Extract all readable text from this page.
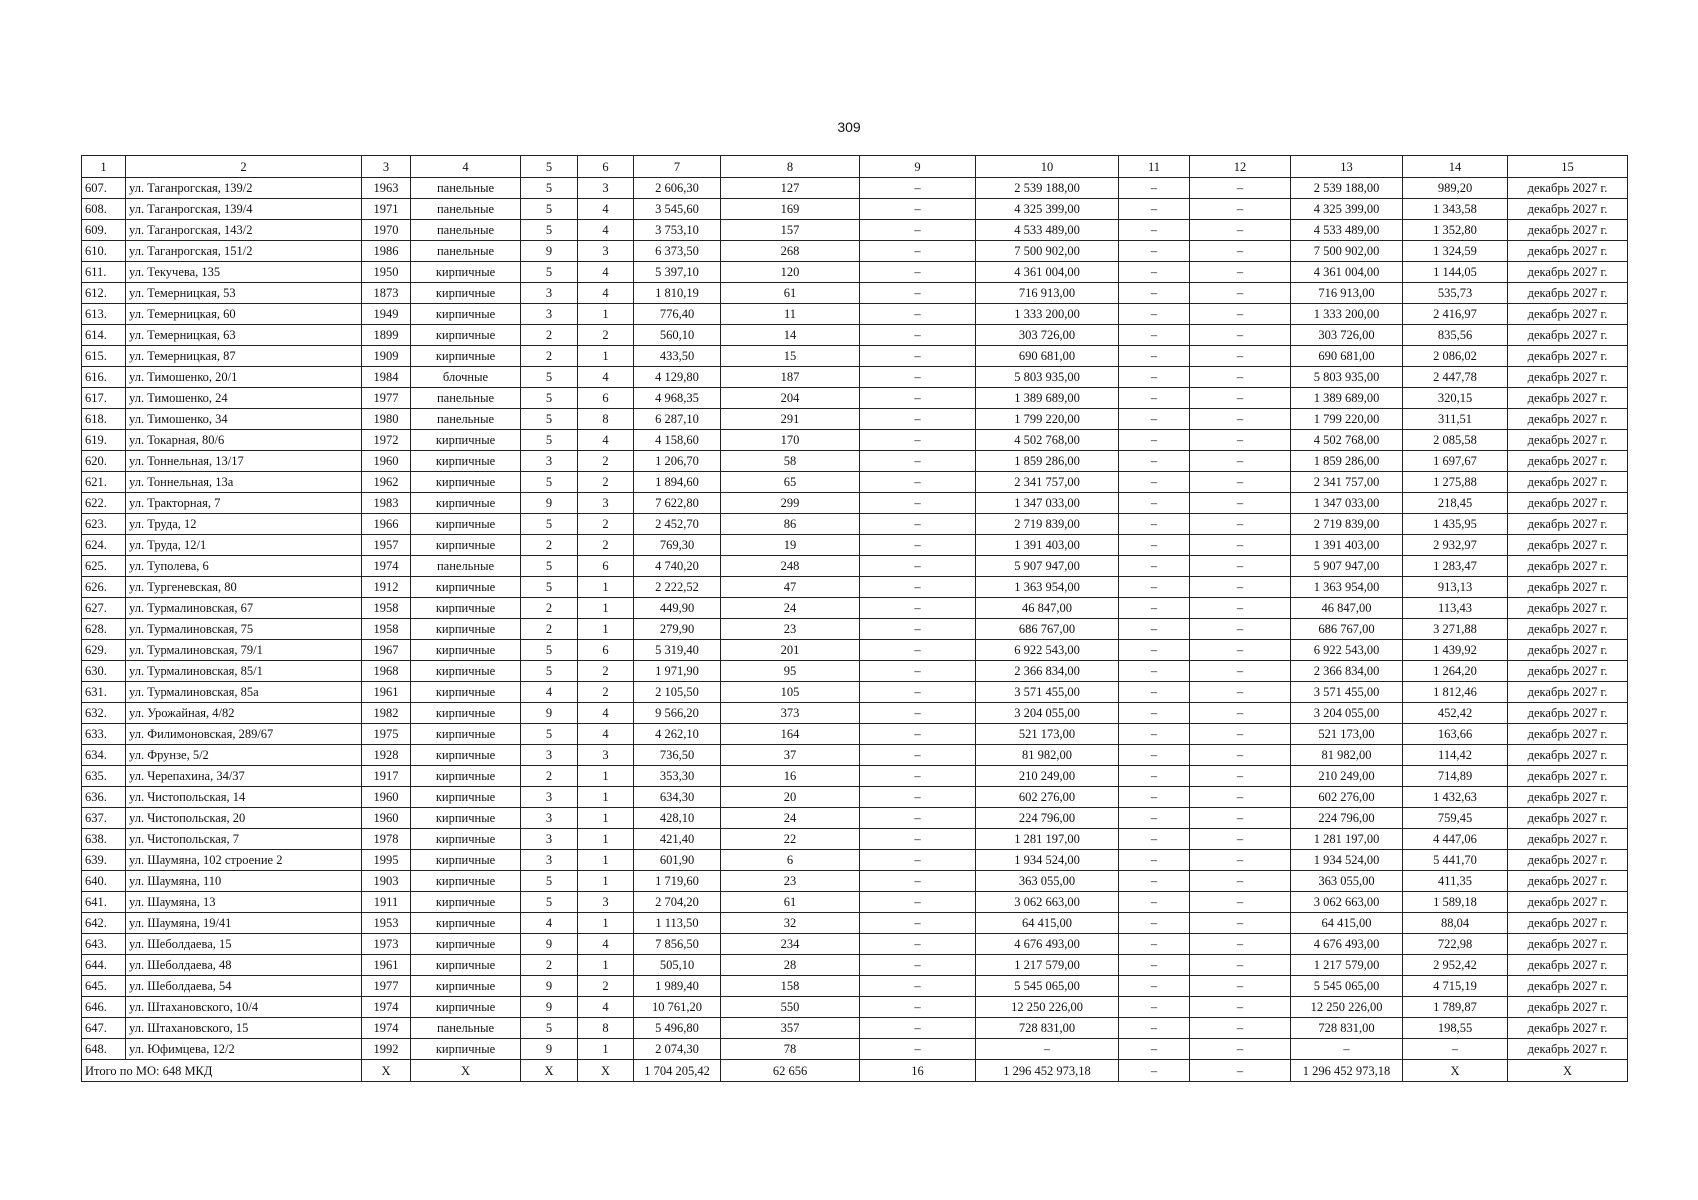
309
1	2	3	4	5	6	7	8	9	10	11	12	13	14	15
607.	ул. Таганрогская, 139/2	1963	панельные	5	3	2 606,30	127	–	2 539 188,00	–	–	2 539 188,00	989,20	декабрь 2027 г.
608.	ул. Таганрогская, 139/4	1971	панельные	5	4	3 545,60	169	–	4 325 399,00	–	–	4 325 399,00	1 343,58	декабрь 2027 г.
609.	ул. Таганрогская, 143/2	1970	панельные	5	4	3 753,10	157	–	4 533 489,00	–	–	4 533 489,00	1 352,80	декабрь 2027 г.
610.	ул. Таганрогская, 151/2	1986	панельные	9	3	6 373,50	268	–	7 500 902,00	–	–	7 500 902,00	1 324,59	декабрь 2027 г.
611.	ул. Текучева, 135	1950	кирпичные	5	4	5 397,10	120	–	4 361 004,00	–	–	4 361 004,00	1 144,05	декабрь 2027 г.
612.	ул. Темерницкая, 53	1873	кирпичные	3	4	1 810,19	61	–	716 913,00	–	–	716 913,00	535,73	декабрь 2027 г.
613.	ул. Темерницкая, 60	1949	кирпичные	3	1	776,40	11	–	1 333 200,00	–	–	1 333 200,00	2 416,97	декабрь 2027 г.
614.	ул. Темерницкая, 63	1899	кирпичные	2	2	560,10	14	–	303 726,00	–	–	303 726,00	835,56	декабрь 2027 г.
615.	ул. Темерницкая, 87	1909	кирпичные	2	1	433,50	15	–	690 681,00	–	–	690 681,00	2 086,02	декабрь 2027 г.
616.	ул. Тимошенко, 20/1	1984	блочные	5	4	4 129,80	187	–	5 803 935,00	–	–	5 803 935,00	2 447,78	декабрь 2027 г.
617.	ул. Тимошенко, 24	1977	панельные	5	6	4 968,35	204	–	1 389 689,00	–	–	1 389 689,00	320,15	декабрь 2027 г.
618.	ул. Тимошенко, 34	1980	панельные	5	8	6 287,10	291	–	1 799 220,00	–	–	1 799 220,00	311,51	декабрь 2027 г.
619.	ул. Токарная, 80/6	1972	кирпичные	5	4	4 158,60	170	–	4 502 768,00	–	–	4 502 768,00	2 085,58	декабрь 2027 г.
620.	ул. Тоннельная, 13/17	1960	кирпичные	3	2	1 206,70	58	–	1 859 286,00	–	–	1 859 286,00	1 697,67	декабрь 2027 г.
621.	ул. Тоннельная, 13а	1962	кирпичные	5	2	1 894,60	65	–	2 341 757,00	–	–	2 341 757,00	1 275,88	декабрь 2027 г.
622.	ул. Тракторная, 7	1983	кирпичные	9	3	7 622,80	299	–	1 347 033,00	–	–	1 347 033,00	218,45	декабрь 2027 г.
623.	ул. Труда, 12	1966	кирпичные	5	2	2 452,70	86	–	2 719 839,00	–	–	2 719 839,00	1 435,95	декабрь 2027 г.
624.	ул. Труда, 12/1	1957	кирпичные	2	2	769,30	19	–	1 391 403,00	–	–	1 391 403,00	2 932,97	декабрь 2027 г.
625.	ул. Туполева, 6	1974	панельные	5	6	4 740,20	248	–	5 907 947,00	–	–	5 907 947,00	1 283,47	декабрь 2027 г.
626.	ул. Тургеневская, 80	1912	кирпичные	5	1	2 222,52	47	–	1 363 954,00	–	–	1 363 954,00	913,13	декабрь 2027 г.
627.	ул. Турмалиновская, 67	1958	кирпичные	2	1	449,90	24	–	46 847,00	–	–	46 847,00	113,43	декабрь 2027 г.
628.	ул. Турмалиновская, 75	1958	кирпичные	2	1	279,90	23	–	686 767,00	–	–	686 767,00	3 271,88	декабрь 2027 г.
629.	ул. Турмалиновская, 79/1	1967	кирпичные	5	6	5 319,40	201	–	6 922 543,00	–	–	6 922 543,00	1 439,92	декабрь 2027 г.
630.	ул. Турмалиновская, 85/1	1968	кирпичные	5	2	1 971,90	95	–	2 366 834,00	–	–	2 366 834,00	1 264,20	декабрь 2027 г.
631.	ул. Турмалиновская, 85а	1961	кирпичные	4	2	2 105,50	105	–	3 571 455,00	–	–	3 571 455,00	1 812,46	декабрь 2027 г.
632.	ул. Урожайная, 4/82	1982	кирпичные	9	4	9 566,20	373	–	3 204 055,00	–	–	3 204 055,00	452,42	декабрь 2027 г.
633.	ул. Филимоновская, 289/67	1975	кирпичные	5	4	4 262,10	164	–	521 173,00	–	–	521 173,00	163,66	декабрь 2027 г.
634.	ул. Фрунзе, 5/2	1928	кирпичные	3	3	736,50	37	–	81 982,00	–	–	81 982,00	114,42	декабрь 2027 г.
635.	ул. Черепахина, 34/37	1917	кирпичные	2	1	353,30	16	–	210 249,00	–	–	210 249,00	714,89	декабрь 2027 г.
636.	ул. Чистопольская, 14	1960	кирпичные	3	1	634,30	20	–	602 276,00	–	–	602 276,00	1 432,63	декабрь 2027 г.
637.	ул. Чистопольская, 20	1960	кирпичные	3	1	428,10	24	–	224 796,00	–	–	224 796,00	759,45	декабрь 2027 г.
638.	ул. Чистопольская, 7	1978	кирпичные	3	1	421,40	22	–	1 281 197,00	–	–	1 281 197,00	4 447,06	декабрь 2027 г.
639.	ул. Шаумяна, 102 строение 2	1995	кирпичные	3	1	601,90	6	–	1 934 524,00	–	–	1 934 524,00	5 441,70	декабрь 2027 г.
640.	ул. Шаумяна, 110	1903	кирпичные	5	1	1 719,60	23	–	363 055,00	–	–	363 055,00	411,35	декабрь 2027 г.
641.	ул. Шаумяна, 13	1911	кирпичные	5	3	2 704,20	61	–	3 062 663,00	–	–	3 062 663,00	1 589,18	декабрь 2027 г.
642.	ул. Шаумяна, 19/41	1953	кирпичные	4	1	1 113,50	32	–	64 415,00	–	–	64 415,00	88,04	декабрь 2027 г.
643.	ул. Шеболдаева, 15	1973	кирпичные	9	4	7 856,50	234	–	4 676 493,00	–	–	4 676 493,00	722,98	декабрь 2027 г.
644.	ул. Шеболдаева, 48	1961	кирпичные	2	1	505,10	28	–	1 217 579,00	–	–	1 217 579,00	2 952,42	декабрь 2027 г.
645.	ул. Шеболдаева, 54	1977	кирпичные	9	2	1 989,40	158	–	5 545 065,00	–	–	5 545 065,00	4 715,19	декабрь 2027 г.
646.	ул. Штахановского, 10/4	1974	кирпичные	9	4	10 761,20	550	–	12 250 226,00	–	–	12 250 226,00	1 789,87	декабрь 2027 г.
647.	ул. Штахановского, 15	1974	панельные	5	8	5 496,80	357	–	728 831,00	–	–	728 831,00	198,55	декабрь 2027 г.
648.	ул. Юфимцева, 12/2	1992	кирпичные	9	1	2 074,30	78	–	–	–	–	–	–	декабрь 2027 г.
Итого по МО: 648 МКД		X	X	X	X	1 704 205,42	62 656	16	1 296 452 973,18	–	–	1 296 452 973,18	X	X
